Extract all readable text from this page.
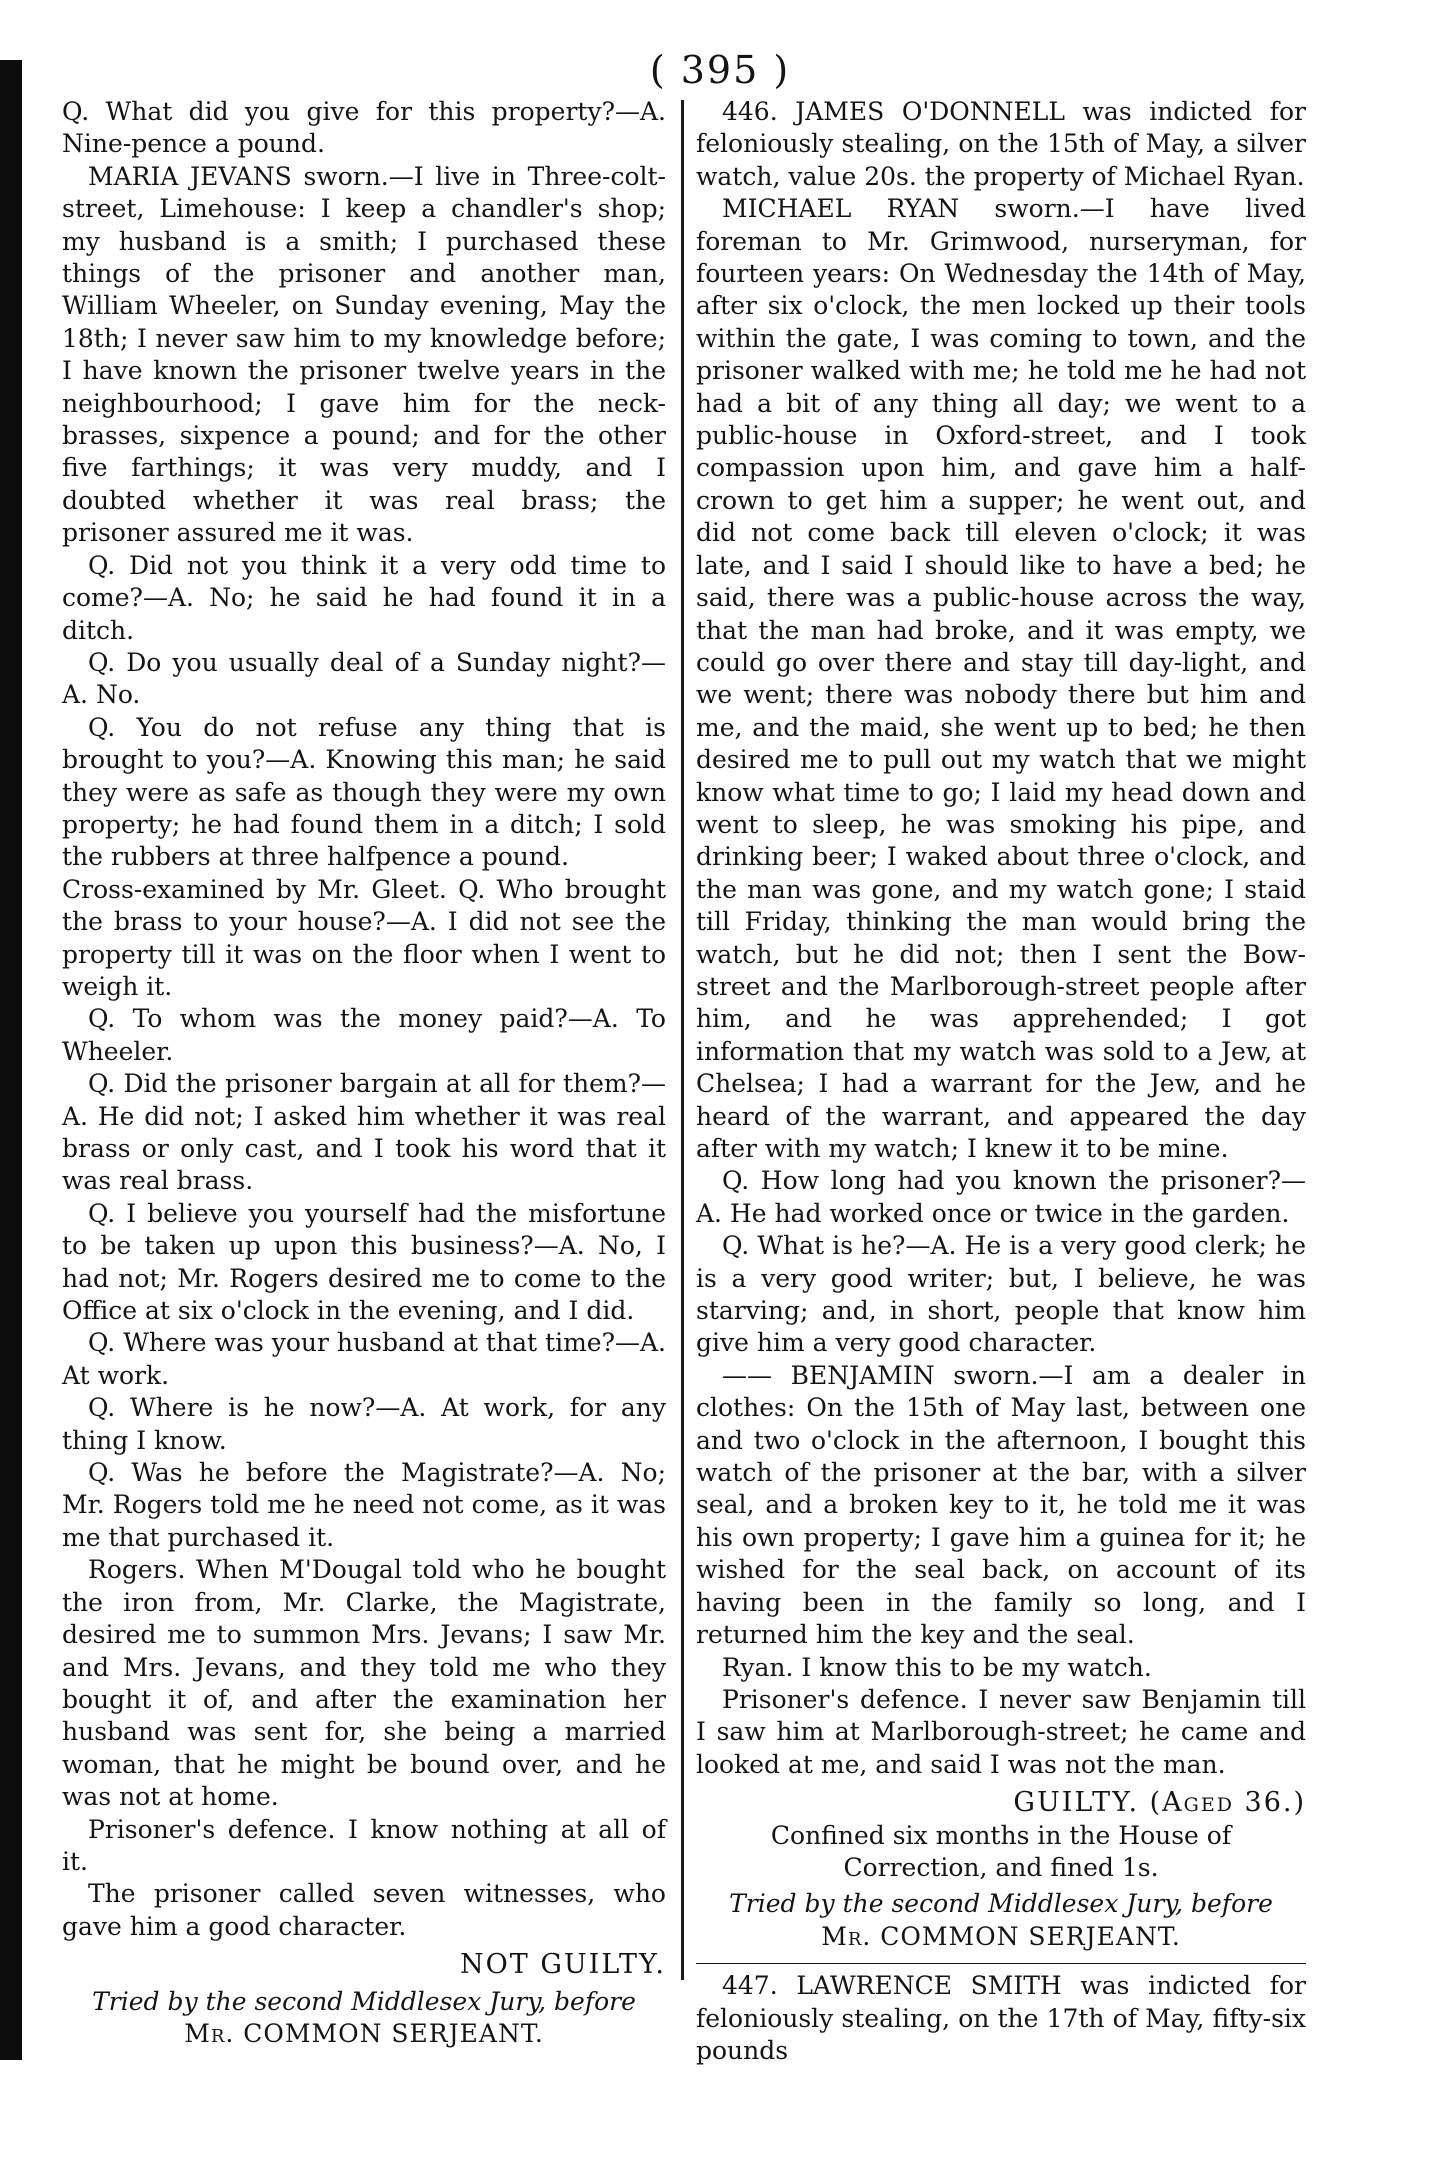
( 395 )

Q. What did you give for this property?—A. Nine-pence a pound.

MARIA JEVANS sworn.—I live in Three-colt-street, Limehouse: I keep a chandler's shop; my husband is a smith; I purchased these things of the prisoner and another man, William Wheeler, on Sunday evening, May the 18th; I never saw him to my knowledge before; I have known the prisoner twelve years in the neighbourhood; I gave him for the neck-brasses, sixpence a pound; and for the other five farthings; it was very muddy, and I doubted whether it was real brass; the prisoner assured me it was.

Q. Did not you think it a very odd time to come?—A. No; he said he had found it in a ditch.

Q. Do you usually deal of a Sunday night?—A. No.

Q. You do not refuse any thing that is brought to you?—A. Knowing this man; he said they were as safe as though they were my own property; he had found them in a ditch; I sold the rubbers at three halfpence a pound.

Cross-examined by Mr. Gleet. Q. Who brought the brass to your house?—A. I did not see the property till it was on the floor when I went to weigh it.

Q. To whom was the money paid?—A. To Wheeler.

Q. Did the prisoner bargain at all for them?—A. He did not; I asked him whether it was real brass or only cast, and I took his word that it was real brass.

Q. I believe you yourself had the misfortune to be taken up upon this business?—A. No, I had not; Mr. Rogers desired me to come to the Office at six o'clock in the evening, and I did.

Q. Where was your husband at that time?—A. At work.

Q. Where is he now?—A. At work, for any thing I know.

Q. Was he before the Magistrate?—A. No; Mr. Rogers told me he need not come, as it was me that purchased it.

Rogers. When M'Dougal told who he bought the iron from, Mr. Clarke, the Magistrate, desired me to summon Mrs. Jevans; I saw Mr. and Mrs. Jevans, and they told me who they bought it of, and after the examination her husband was sent for, she being a married woman, that he might be bound over, and he was not at home.

Prisoner's defence. I know nothing at all of it.

The prisoner called seven witnesses, who gave him a good character.

NOT GUILTY.
Tried by the second Middlesex Jury, before
Mr. COMMON SERJEANT.

446. JAMES O'DONNELL was indicted for feloniously stealing, on the 15th of May, a silver watch, value 20s. the property of Michael Ryan.

MICHAEL RYAN sworn.—I have lived foreman to Mr. Grimwood, nurseryman, for fourteen years: On Wednesday the 14th of May, after six o'clock, the men locked up their tools within the gate, I was coming to town, and the prisoner walked with me; he told me he had not had a bit of any thing all day; we went to a public-house in Oxford-street, and I took compassion upon him, and gave him a half-crown to get him a supper; he went out, and did not come back till eleven o'clock; it was late, and I said I should like to have a bed; he said, there was a public-house across the way, that the man had broke, and it was empty, we could go over there and stay till day-light, and we went; there was nobody there but him and me, and the maid, she went up to bed; he then desired me to pull out my watch that we might know what time to go; I laid my head down and went to sleep, he was smoking his pipe, and drinking beer; I waked about three o'clock, and the man was gone, and my watch gone; I staid till Friday, thinking the man would bring the watch, but he did not; then I sent the Bow-street and the Marlborough-street people after him, and he was apprehended; I got information that my watch was sold to a Jew, at Chelsea; I had a warrant for the Jew, and he heard of the warrant, and appeared the day after with my watch; I knew it to be mine.

Q. How long had you known the prisoner?—A. He had worked once or twice in the garden.

Q. What is he?—A. He is a very good clerk; he is a very good writer; but, I believe, he was starving; and, in short, people that know him give him a very good character.

—— BENJAMIN sworn.—I am a dealer in clothes: On the 15th of May last, between one and two o'clock in the afternoon, I bought this watch of the prisoner at the bar, with a silver seal, and a broken key to it, he told me it was his own property; I gave him a guinea for it; he wished for the seal back, on account of its having been in the family so long, and I returned him the key and the seal.

Ryan. I know this to be my watch.

Prisoner's defence. I never saw Benjamin till I saw him at Marlborough-street; he came and looked at me, and said I was not the man.

GUILTY. (Aged 36.)
Confined six months in the House of Correction, and fined 1s.
Tried by the second Middlesex Jury, before
Mr. COMMON SERJEANT.

447. LAWRENCE SMITH was indicted for feloniously stealing, on the 17th of May, fifty-six pounds
